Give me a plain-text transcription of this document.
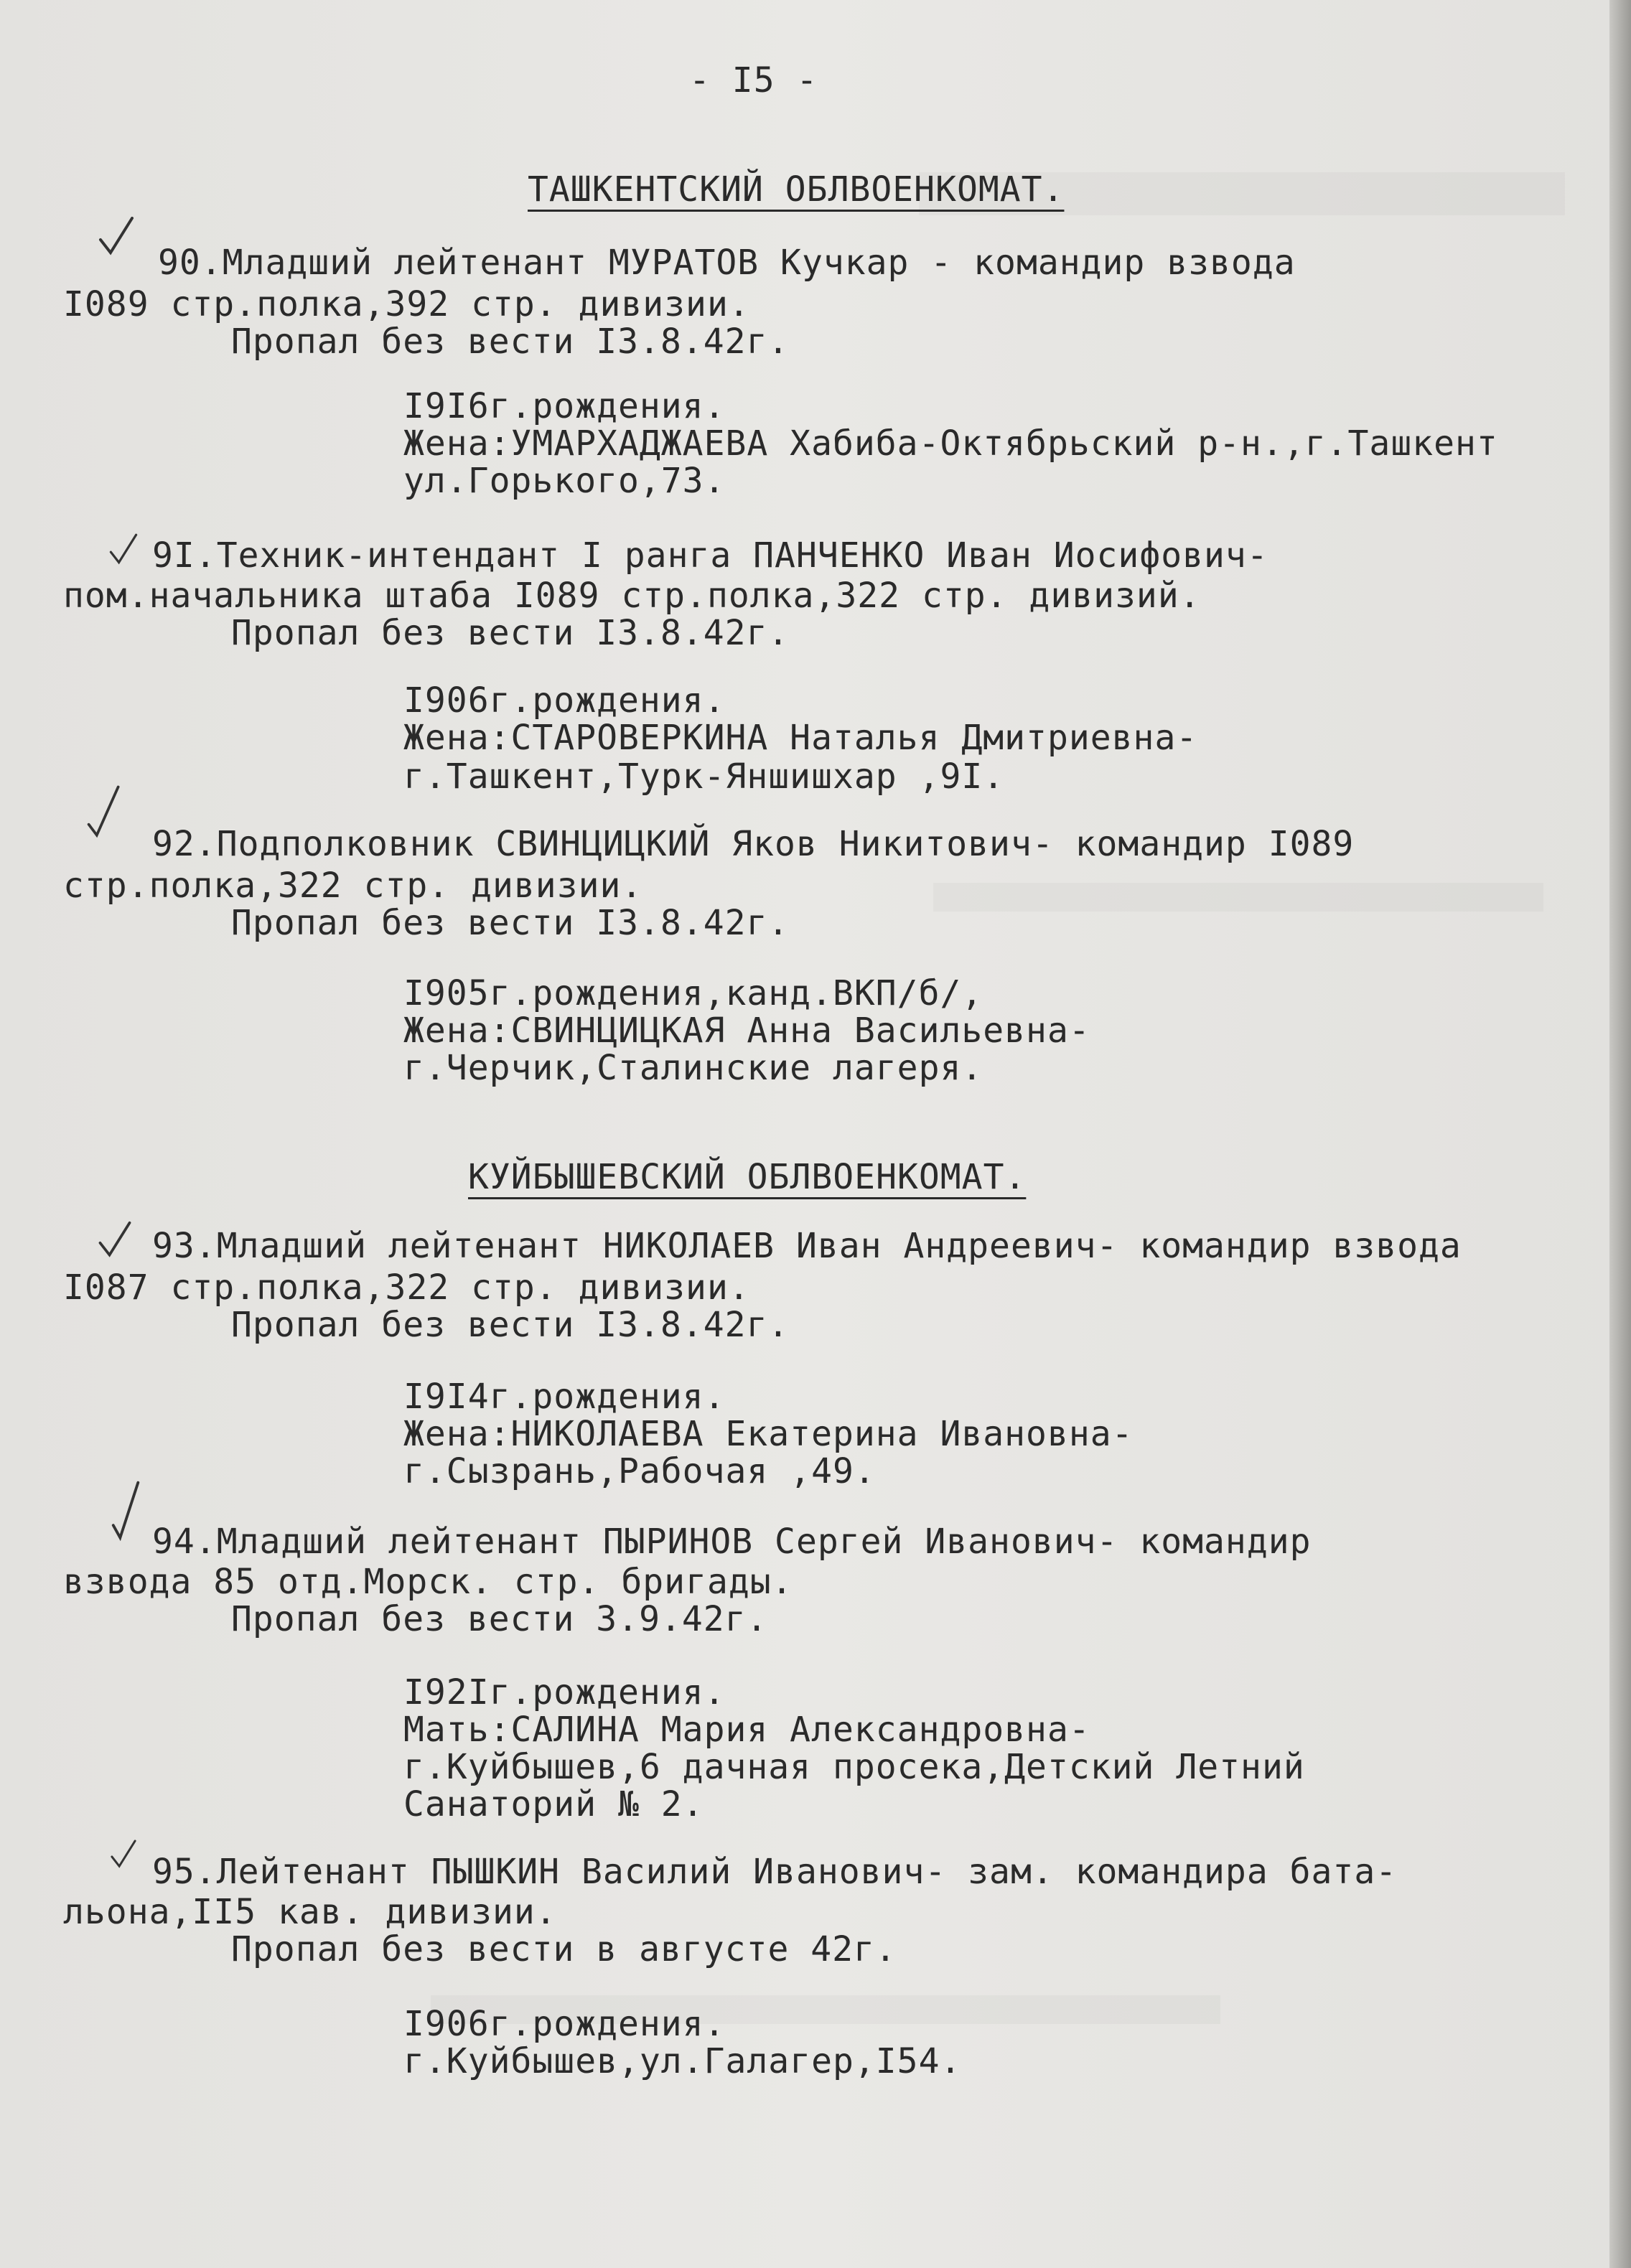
- I5 -
ТАШКЕНТСКИЙ ОБЛВОЕНКОМАТ.
90.Младший лейтенант МУРАТОВ Кучкар - командир взвода
I089 стр.полка,392 стр. дивизии.
Пропал без вести I3.8.42г.
I9I6г.рождения.
Жена:УМАРХАДЖАЕВА Хабиба-Октябрьский р-н.,г.Ташкент
ул.Горького,73.
9I.Техник-интендант I ранга ПАНЧЕНКО Иван Иосифович-
пом.начальника штаба I089 стр.полка,322 стр. дивизий.
Пропал без вести I3.8.42г.
I906г.рождения.
Жена:СТАРОВЕРКИНА Наталья Дмитриевна-
г.Ташкент,Турк-Яншишхар ,9I.
92.Подполковник СВИНЦИЦКИЙ Яков Никитович- командир I089
стр.полка,322 стр. дивизии.
Пропал без вести I3.8.42г.
I905г.рождения,канд.ВКП/б/,
Жена:СВИНЦИЦКАЯ Анна Васильевна-
г.Черчик,Сталинские лагеря.
КУЙБЫШЕВСКИЙ ОБЛВОЕНКОМАТ.
93.Младший лейтенант НИКОЛАЕВ Иван Андреевич- командир взвода
I087 стр.полка,322 стр. дивизии.
Пропал без вести I3.8.42г.
I9I4г.рождения.
Жена:НИКОЛАЕВА Екатерина Ивановна-
г.Сызрань,Рабочая ,49.
94.Младший лейтенант ПЫРИНОВ Сергей Иванович- командир
взвода 85 отд.Морск. стр. бригады.
Пропал без вести 3.9.42г.
I92Iг.рождения.
Мать:САЛИНА Мария Александровна-
г.Куйбышев,6 дачная просека,Детский Летний
Санаторий № 2.
95.Лейтенант ПЫШКИН Василий Иванович- зам. командира бата-
льона,II5 кав. дивизии.
Пропал без вести в августе 42г.
I906г.рождения.
г.Куйбышев,ул.Галагер,I54.
